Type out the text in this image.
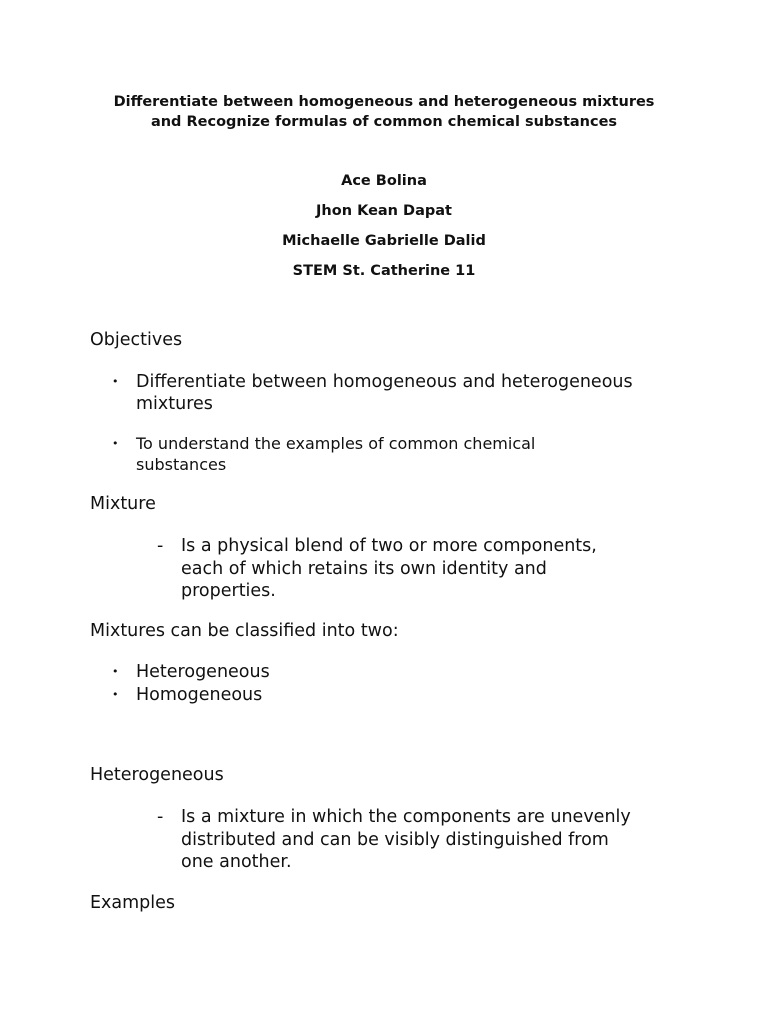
Differentiate between homogeneous and heterogeneous mixtures
and Recognize formulas of common chemical substances
Ace Bolina
Jhon Kean Dapat
Michaelle Gabrielle Dalid
STEM St. Catherine 11
Objectives
• Differentiate between homogeneous and heterogeneous
mixtures
• To understand the examples of common chemical
substances
Mixture
- Is a physical blend of two or more components,
each of which retains its own identity and
properties.
Mixtures can be classified into two:
• Heterogeneous
• Homogeneous
Heterogeneous
- Is a mixture in which the components are unevenly
distributed and can be visibly distinguished from
one another.
Examples
